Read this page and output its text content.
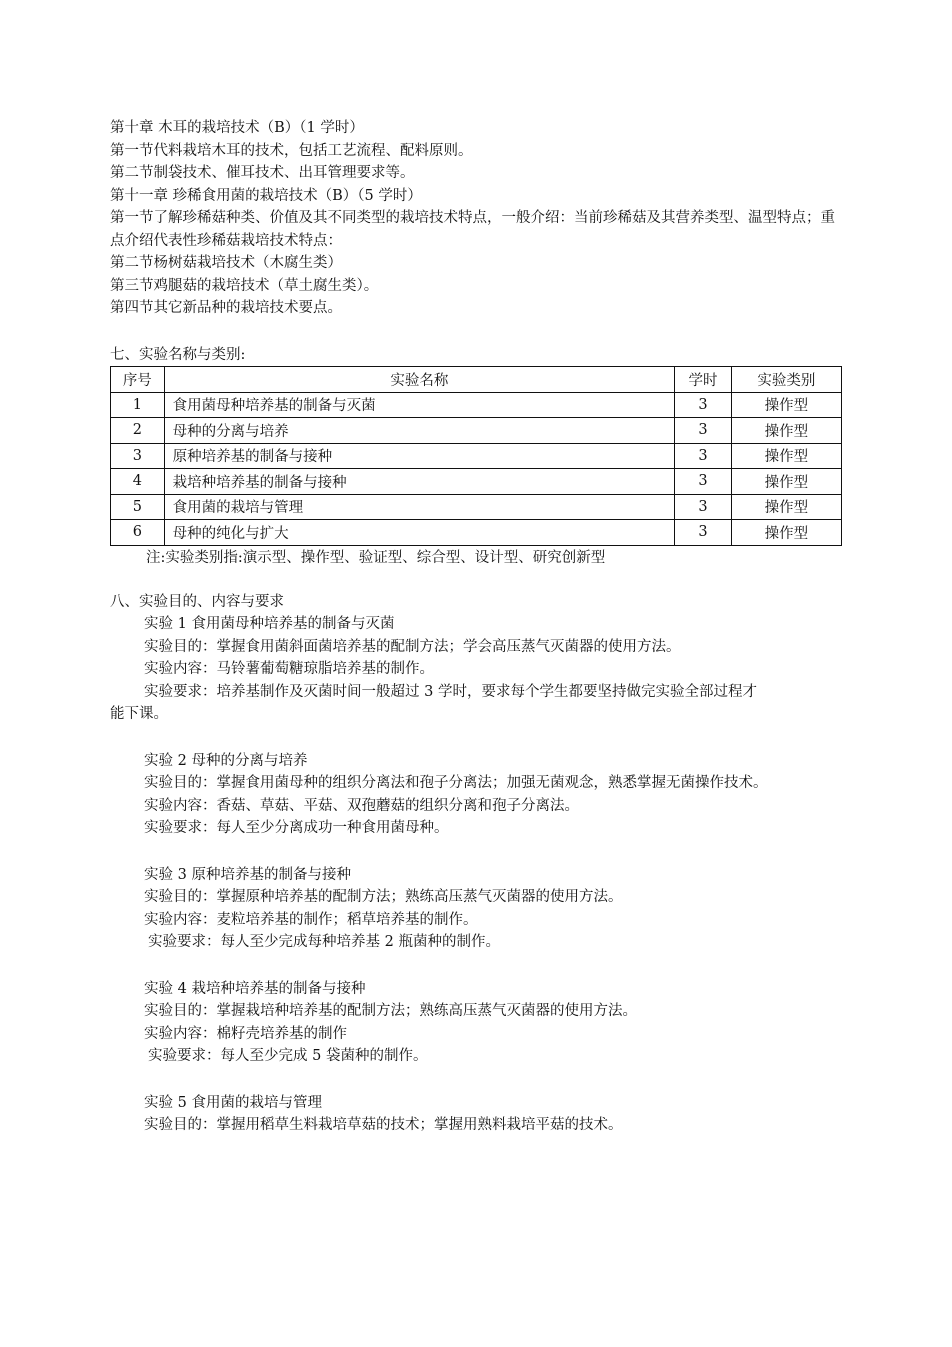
第十章 木耳的栽培技术（B）（1 学时）
第一节代料栽培木耳的技术，包括工艺流程、配料原则。
第二节制袋技术、催耳技术、出耳管理要求等。
第十一章 珍稀食用菌的栽培技术（B）（5 学时）
第一节了解珍稀菇种类、价值及其不同类型的栽培技术特点，一般介绍：当前珍稀菇及其营养类型、温型特点；重点介绍代表性珍稀菇栽培技术特点：
第二节杨树菇栽培技术（木腐生类）
第三节鸡腿菇的栽培技术（草土腐生类）。
第四节其它新品种的栽培技术要点。
七、实验名称与类别:
序号	实验名称	学时	实验类别
1	食用菌母种培养基的制备与灭菌	3	操作型
2	母种的分离与培养	3	操作型
3	原种培养基的制备与接种	3	操作型
4	栽培种培养基的制备与接种	3	操作型
5	食用菌的栽培与管理	3	操作型
6	母种的纯化与扩大	3	操作型
注:实验类别指:演示型、操作型、验证型、综合型、设计型、研究创新型
八、实验目的、内容与要求
实验 1 食用菌母种培养基的制备与灭菌
实验目的：掌握食用菌斜面菌培养基的配制方法；学会高压蒸气灭菌器的使用方法。
实验内容：马铃薯葡萄糖琼脂培养基的制作。
实验要求：培养基制作及灭菌时间一般超过 3 学时，要求每个学生都要坚持做完实验全部过程才
能下课。
实验 2 母种的分离与培养
实验目的：掌握食用菌母种的组织分离法和孢子分离法；加强无菌观念，熟悉掌握无菌操作技术。
实验内容：香菇、草菇、平菇、双孢蘑菇的组织分离和孢子分离法。
实验要求：每人至少分离成功一种食用菌母种。
实验 3 原种培养基的制备与接种
实验目的：掌握原种培养基的配制方法；熟练高压蒸气灭菌器的使用方法。
实验内容：麦粒培养基的制作；稻草培养基的制作。
实验要求：每人至少完成每种培养基 2 瓶菌种的制作。
实验 4 栽培种培养基的制备与接种
实验目的：掌握栽培种培养基的配制方法；熟练高压蒸气灭菌器的使用方法。
实验内容：棉籽壳培养基的制作
实验要求：每人至少完成 5 袋菌种的制作。
实验 5 食用菌的栽培与管理
实验目的：掌握用稻草生料栽培草菇的技术；掌握用熟料栽培平菇的技术。
